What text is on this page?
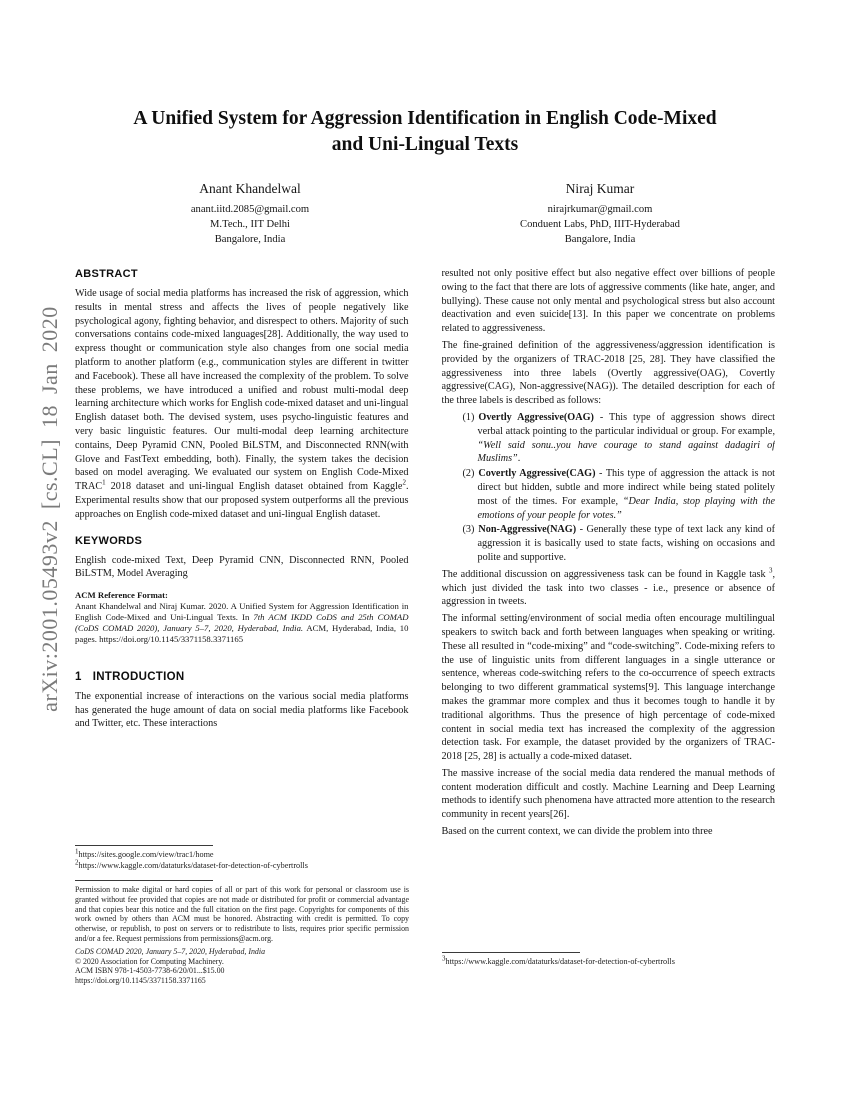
arXiv:2001.05493v2 [cs.CL] 18 Jan 2020
A Unified System for Aggression Identification in English Code-Mixed and Uni-Lingual Texts
Anant Khandelwal
anant.iitd.2085@gmail.com
M.Tech., IIT Delhi
Bangalore, India
Niraj Kumar
nirajrkumar@gmail.com
Conduent Labs, PhD, IIIT-Hyderabad
Bangalore, India
ABSTRACT

Wide usage of social media platforms has increased the risk of aggression, which results in mental stress and affects the lives of people negatively like psychological agony, fighting behavior, and disrespect to others. Majority of such conversations contains code-mixed languages[28]. Additionally, the way used to express thought or communication style also changes from one social media platform to another platform (e.g., communication styles are different in twitter and Facebook). These all have increased the complexity of the problem. To solve these problems, we have introduced a unified and robust multi-modal deep learning architecture which works for English code-mixed dataset and uni-lingual English dataset both. The devised system, uses psycho-linguistic features and very basic linguistic features. Our multi-modal deep learning architecture contains, Deep Pyramid CNN, Pooled BiLSTM, and Disconnected RNN(with Glove and FastText embedding, both). Finally, the system takes the decision based on model averaging. We evaluated our system on English Code-Mixed TRAC$^1$ 2018 dataset and uni-lingual English dataset obtained from Kaggle$^2$. Experimental results show that our proposed system outperforms all the previous approaches on English code-mixed dataset and uni-lingual English dataset.

KEYWORDS

English code-mixed Text, Deep Pyramid CNN, Disconnected RNN, Pooled BiLSTM, Model Averaging

ACM Reference Format:

Anant Khandelwal and Niraj Kumar. 2020. A Unified System for Aggression Identification in English Code-Mixed and Uni-Lingual Texts. In 7th ACM IKDD CoDS and 25th COMAD (CoDS COMAD 2020), January 5–7, 2020, Hyderabad, India. ACM, Hyderabad, India, 10 pages. https://doi.org/10.1145/3371158.3371165

1 INTRODUCTION

The exponential increase of interactions on the various social media platforms has generated the huge amount of data on social media platforms like Facebook and Twitter, etc. These interactions

resulted not only positive effect but also negative effect over billions of people owing to the fact that there are lots of aggressive comments (like hate, anger, and bullying). These cause not only mental and psychological stress but also account deactivation and even suicide[13]. In this paper we concentrate on problems related to aggressiveness.

The fine-grained definition of the aggressiveness/aggression identification is provided by the organizers of TRAC-2018 [25, 28]. They have classified the aggressiveness into three labels (Overtly aggressive(OAG), Covertly aggressive(CAG), Non-aggressive(NAG)). The detailed description for each of the three labels is described as follows:

(1) Overtly Aggressive(OAG) - This type of aggression shows direct verbal attack pointing to the particular individual or group. For example, “Well said sonu..you have courage to stand against dadagiri of Muslims”.
(2) Covertly Aggressive(CAG) - This type of aggression the attack is not direct but hidden, subtle and more indirect while being stated politely most of the times. For example, “Dear India, stop playing with the emotions of your people for votes.”
(3) Non-Aggressive(NAG) - Generally these type of text lack any kind of aggression it is basically used to state facts, wishing on occasions and polite and supportive.

The additional discussion on aggressiveness task can be found in Kaggle task $^3$, which just divided the task into two classes - i.e., presence or absence of aggression in tweets.

The informal setting/environment of social media often encourage multilingual speakers to switch back and forth between languages when speaking or writing. These all resulted in “code-mixing” and “code-switching”. Code-mixing refers to the use of linguistic units from different languages in a single utterance or sentence, whereas code-switching refers to the co-occurrence of speech extracts belonging to two different grammatical systems[9]. This language interchange makes the grammar more complex and thus it becomes tough to handle it by traditional algorithms. Thus the presence of high percentage of code-mixed content in social media text has increased the complexity of the aggression detection task. For example, the dataset provided by the organizers of TRAC-2018 [25, 28] is actually a code-mixed dataset.

The massive increase of the social media data rendered the manual methods of content moderation difficult and costly. Machine Learning and Deep Learning methods to identify such phenomena have attracted more attention to the research community in recent years[26].

Based on the current context, we can divide the problem into three

$^1$https://sites.google.com/view/trac1/home
$^2$https://www.kaggle.com/dataturks/dataset-for-detection-of-cybertrolls

Permission to make digital or hard copies of all or part of this work for personal or classroom use is granted without fee provided that copies are not made or distributed for profit or commercial advantage and that copies bear this notice and the full citation on the first page. Copyrights for components of this work owned by others than ACM must be honored. Abstracting with credit is permitted. To copy otherwise, or republish, to post on servers or to redistribute to lists, requires prior specific permission and/or a fee. Request permissions from permissions@acm.org.

CoDS COMAD 2020, January 5–7, 2020, Hyderabad, India
© 2020 Association for Computing Machinery.
ACM ISBN 978-1-4503-7738-6/20/01...$15.00
https://doi.org/10.1145/3371158.3371165
$^3$https://www.kaggle.com/dataturks/dataset-for-detection-of-cybertrolls
